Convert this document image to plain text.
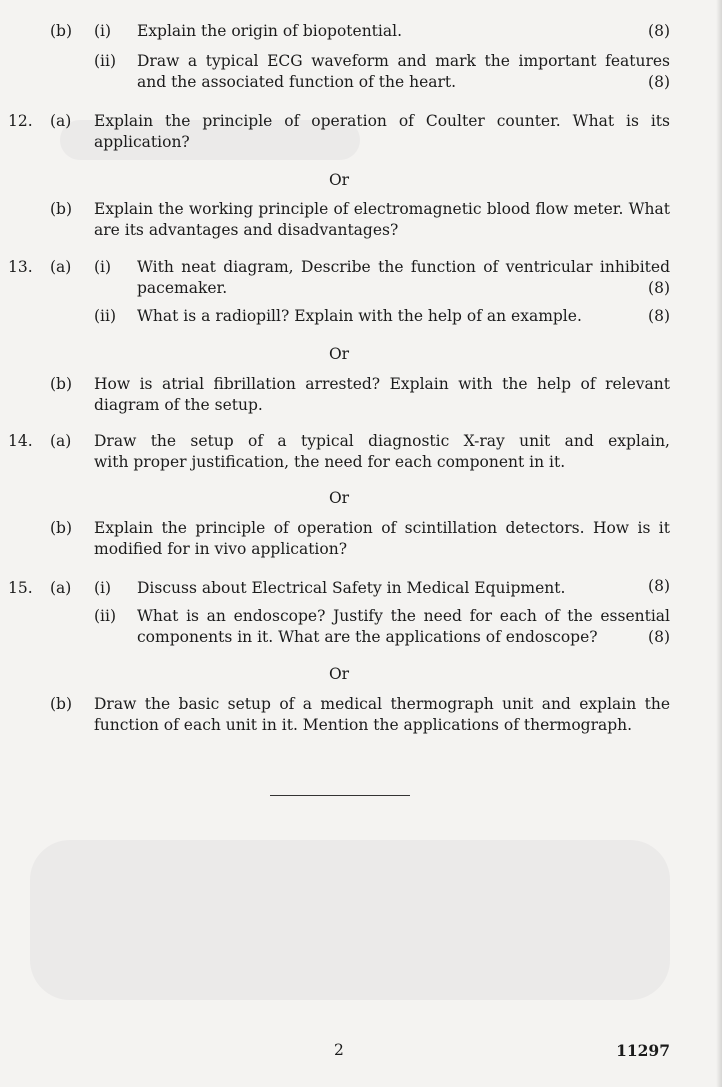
(b) (i) Explain the origin of biopotential.	(8)
(ii) Draw a typical ECG waveform and mark the important features
and the associated function of the heart.	(8)
12. (a) Explain the principle of operation of Coulter counter. What is its
application?
Or
(b) Explain the working principle of electromagnetic blood flow meter. What
are its advantages and disadvantages?
13. (a) (i) With neat diagram, Describe the function of ventricular inhibited
pacemaker.	(8)
(ii) What is a radiopill? Explain with the help of an example.	(8)
Or
(b) How is atrial fibrillation arrested? Explain with the help of relevant
diagram of the setup.
14. (a) Draw the setup of a typical diagnostic X-ray unit and explain,
with proper justification, the need for each component in it.
Or
(b) Explain the principle of operation of scintillation detectors. How is it
modified for in vivo application?
15. (a) (i) Discuss about Electrical Safety in Medical Equipment.	(8)
(ii) What is an endoscope? Justify the need for each of the essential
components in it. What are the applications of endoscope?	(8)
Or
(b) Draw the basic setup of a medical thermograph unit and explain the
function of each unit in it. Mention the applications of thermograph.
2	11297
